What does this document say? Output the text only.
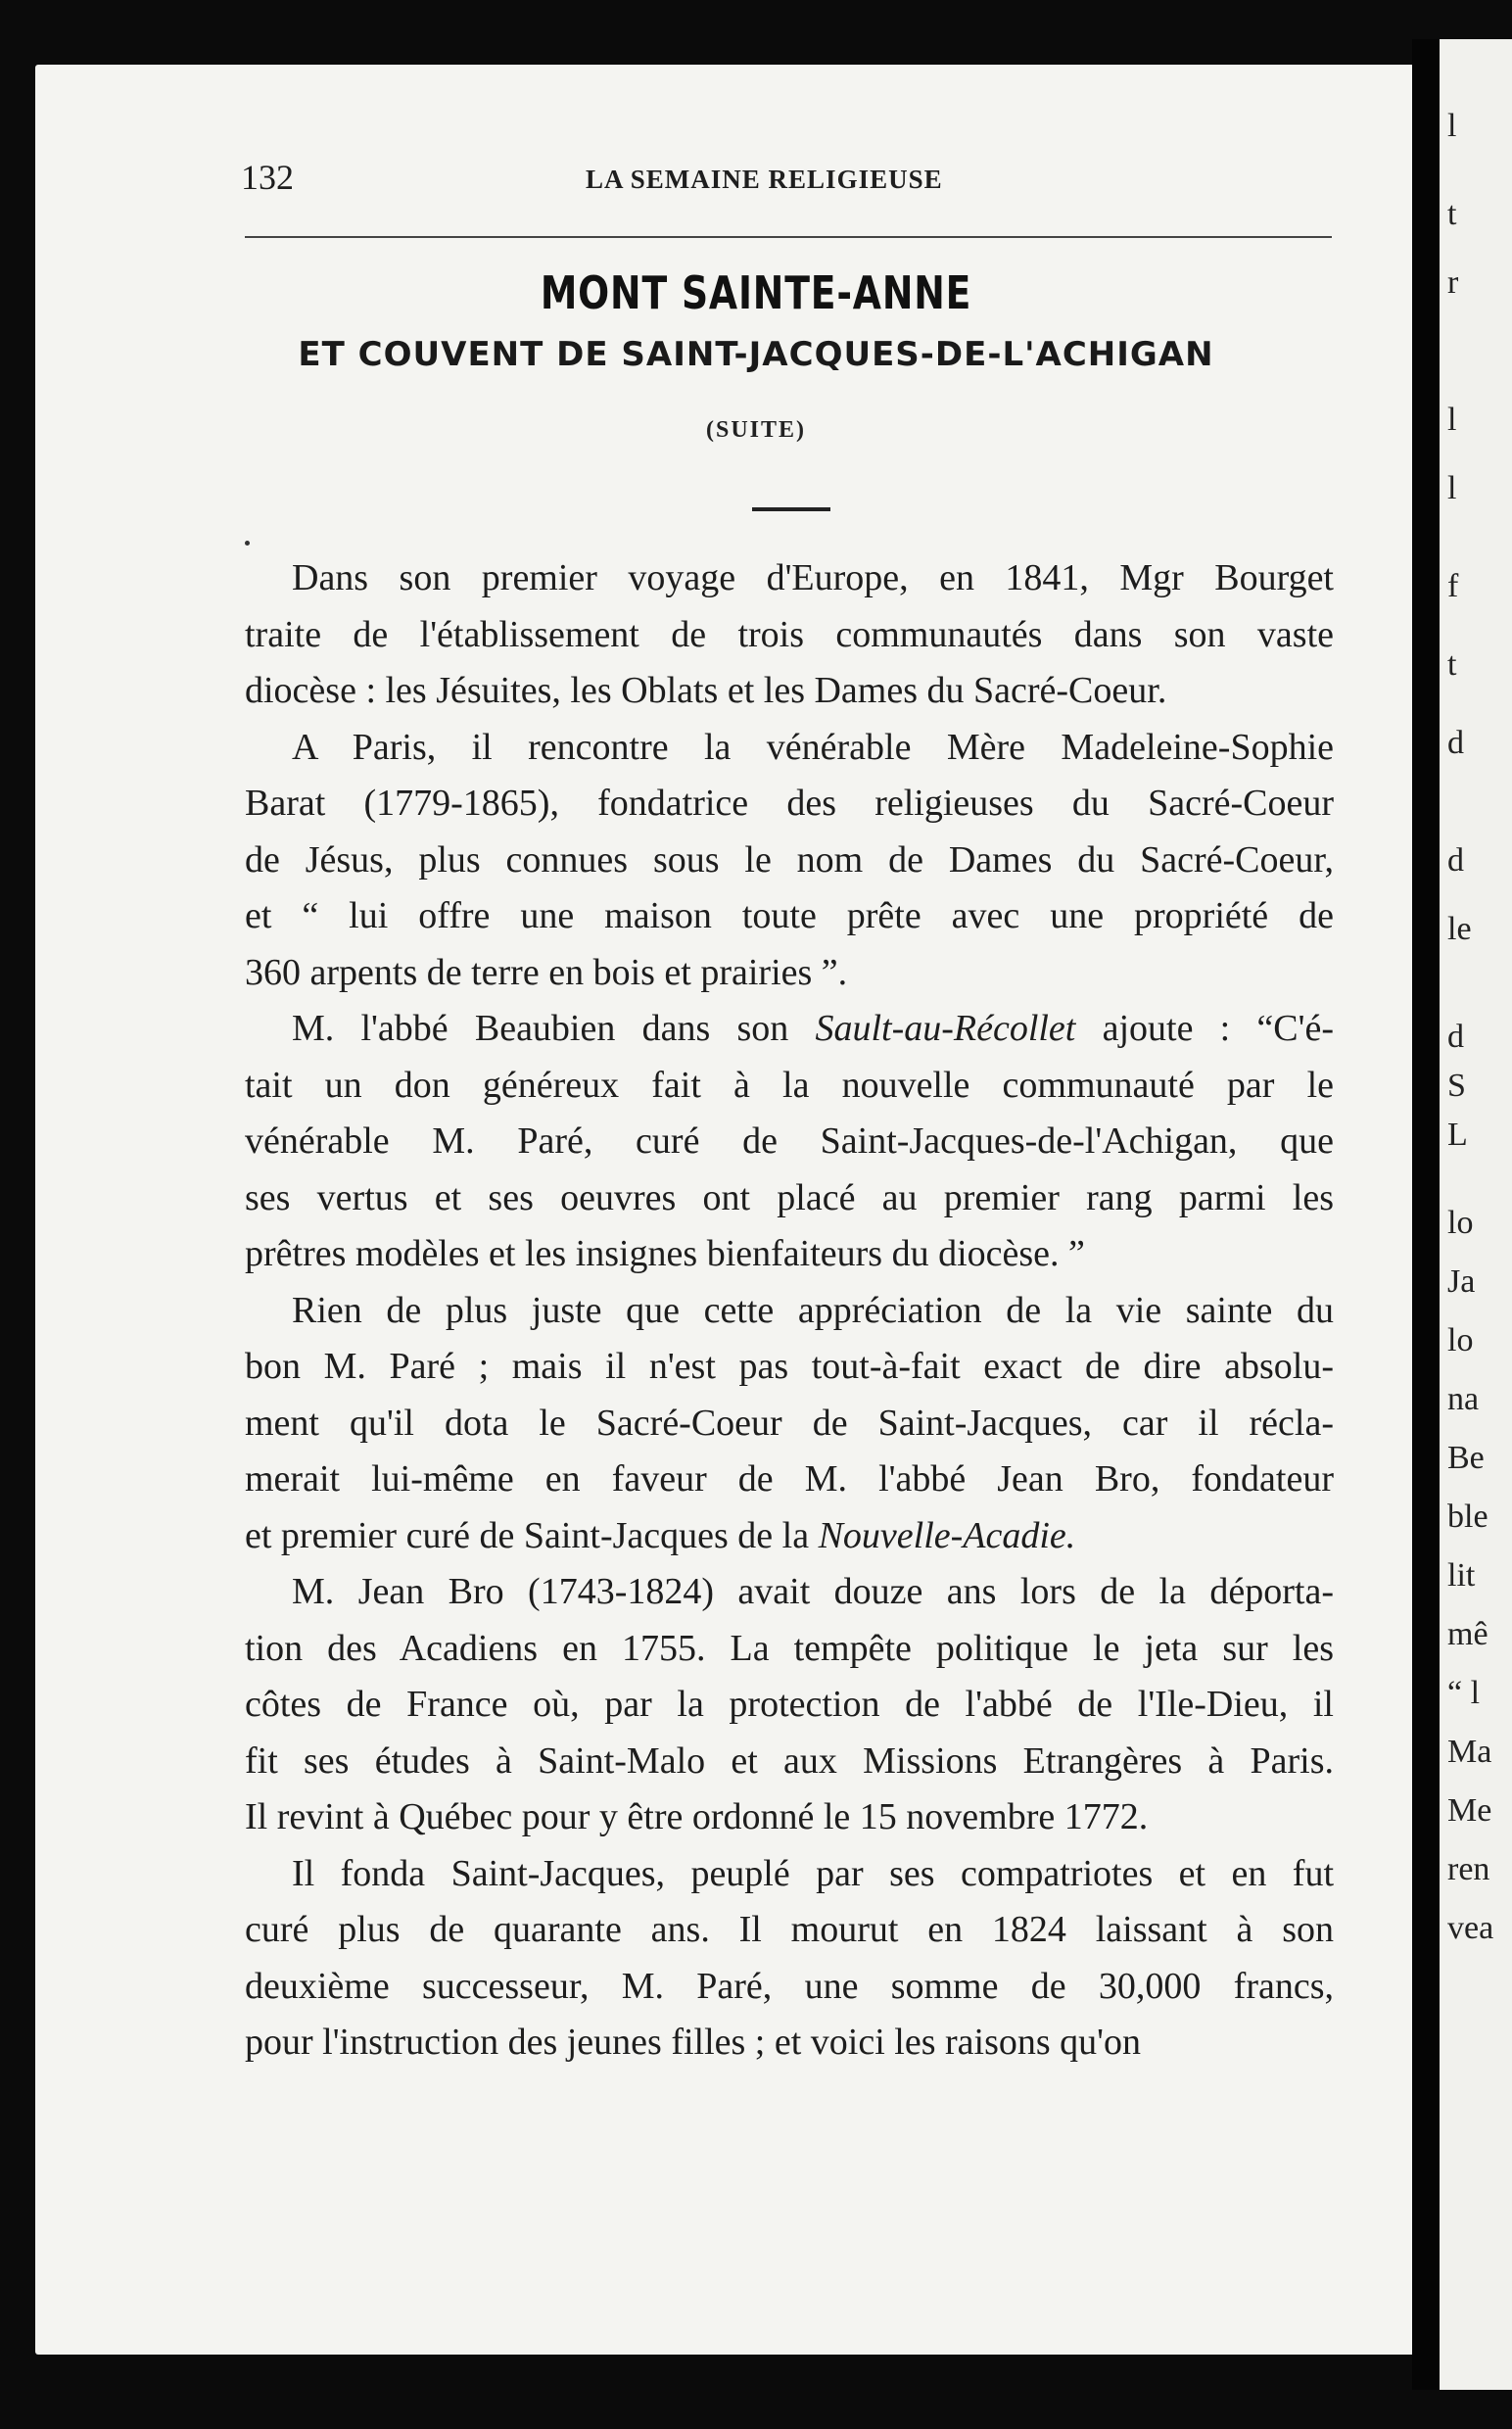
l
t
r
l
l
f
t
d
d
le
d
S
L
lo
Ja
lo
na
Be
ble
lit
mê
“ l
Ma
Me
ren
vea
132	LA SEMAINE RELIGIEUSE
MONT SAINTE-ANNE
ET COUVENT DE SAINT-JACQUES-DE-L'ACHIGAN
(SUITE)
Dans son premier voyage d'Europe, en 1841, Mgr Bourget
traite de l'établissement de trois communautés dans son vaste
diocèse : les Jésuites, les Oblats et les Dames du Sacré-Coeur.
A Paris, il rencontre la vénérable Mère Madeleine-Sophie
Barat (1779-1865), fondatrice des religieuses du Sacré-Coeur
de Jésus, plus connues sous le nom de Dames du Sacré-Coeur,
et “ lui offre une maison toute prête avec une propriété de
360 arpents de terre en bois et prairies ”.
M. l'abbé Beaubien dans son Sault-au-Récollet ajoute : “C'é-
tait un don généreux fait à la nouvelle communauté par le
vénérable M. Paré, curé de Saint-Jacques-de-l'Achigan, que
ses vertus et ses oeuvres ont placé au premier rang parmi les
prêtres modèles et les insignes bienfaiteurs du diocèse. ”
Rien de plus juste que cette appréciation de la vie sainte du
bon M. Paré ; mais il n'est pas tout-à-fait exact de dire absolu-
ment qu'il dota le Sacré-Coeur de Saint-Jacques, car il récla-
merait lui-même en faveur de M. l'abbé Jean Bro, fondateur
et premier curé de Saint-Jacques de la Nouvelle-Acadie.
M. Jean Bro (1743-1824) avait douze ans lors de la déporta-
tion des Acadiens en 1755. La tempête politique le jeta sur les
côtes de France où, par la protection de l'abbé de l'Ile-Dieu, il
fit ses études à Saint-Malo et aux Missions Etrangères à Paris.
Il revint à Québec pour y être ordonné le 15 novembre 1772.
Il fonda Saint-Jacques, peuplé par ses compatriotes et en fut
curé plus de quarante ans. Il mourut en 1824 laissant à son
deuxième successeur, M. Paré, une somme de 30,000 francs,
pour l'instruction des jeunes filles ; et voici les raisons qu'on
